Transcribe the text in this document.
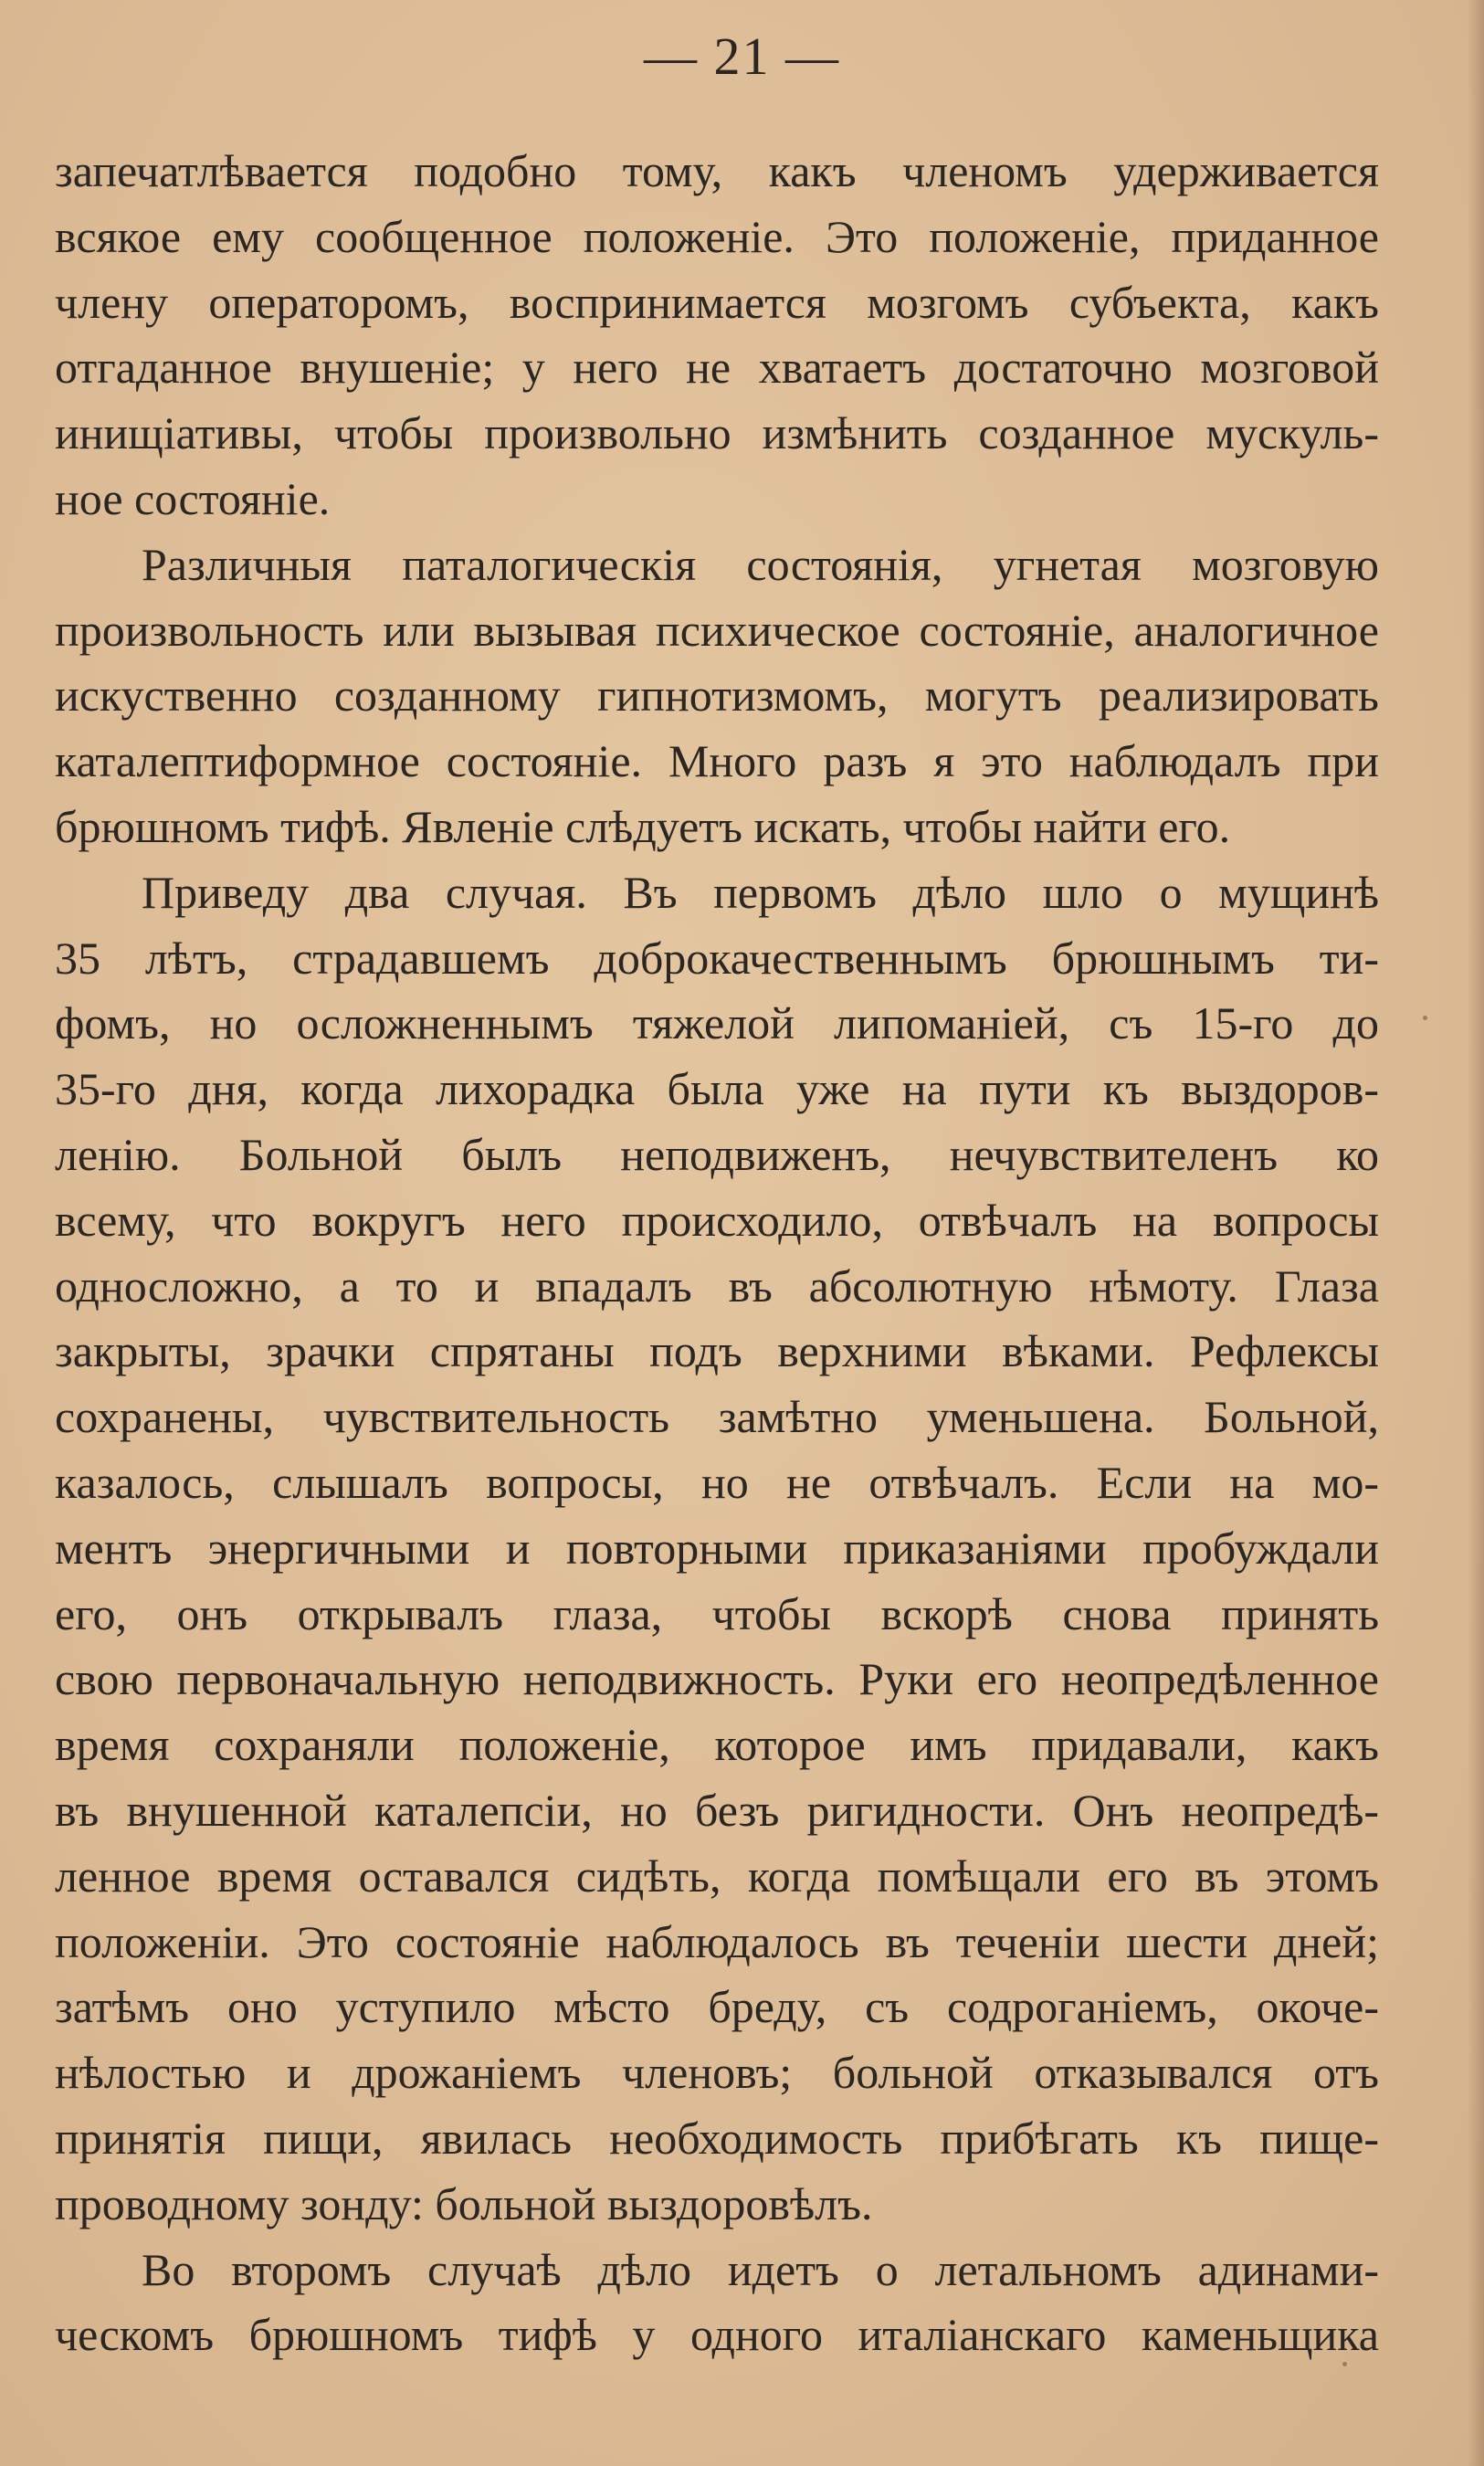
— 21 —
запечатлѣвается подобно тому, какъ членомъ удерживается
всякое ему сообщенное положеніе. Это положеніе, приданное
члену операторомъ, воспринимается мозгомъ субъекта, какъ
отгаданное внушеніе; у него не хватаетъ достаточно мозговой
инищіативы, чтобы произвольно измѣнить созданное мускуль-
ное состояніе.
Различныя паталогическія состоянія, угнетая мозговую
произвольность или вызывая психическое состояніе, аналогичное
искуственно созданному гипнотизмомъ, могутъ реализировать
каталептиформное состояніе. Много разъ я это наблюдалъ при
брюшномъ тифѣ. Явленіе слѣдуетъ искать, чтобы найти его.
Приведу два случая. Въ первомъ дѣло шло о мущинѣ
35 лѣтъ, страдавшемъ доброкачественнымъ брюшнымъ ти-
фомъ, но осложненнымъ тяжелой липоманіей, съ 15-го до
35-го дня, когда лихорадка была уже на пути къ выздоров-
ленію. Больной былъ неподвиженъ, нечувствителенъ ко
всему, что вокругъ него происходило, отвѣчалъ на вопросы
односложно, а то и впадалъ въ абсолютную нѣмоту. Глаза
закрыты, зрачки спрятаны подъ верхними вѣками. Рефлексы
сохранены, чувствительность замѣтно уменьшена. Больной,
казалось, слышалъ вопросы, но не отвѣчалъ. Если на мо-
ментъ энергичными и повторными приказаніями пробуждали
его, онъ открывалъ глаза, чтобы вскорѣ снова принять
свою первоначальную неподвижность. Руки его неопредѣленное
время сохраняли положеніе, которое имъ придавали, какъ
въ внушенной каталепсіи, но безъ ригидности. Онъ неопредѣ-
ленное время оставался сидѣть, когда помѣщали его въ этомъ
положеніи. Это состояніе наблюдалось въ теченіи шести дней;
затѣмъ оно уступило мѣсто бреду, съ содроганіемъ, окоче-
нѣлостью и дрожаніемъ членовъ; больной отказывался отъ
принятія пищи, явилась необходимость прибѣгать къ пище-
проводному зонду: больной выздоровѣлъ.
Во второмъ случаѣ дѣло идетъ о летальномъ адинами-
ческомъ брюшномъ тифѣ у одного италіанскаго каменьщика
